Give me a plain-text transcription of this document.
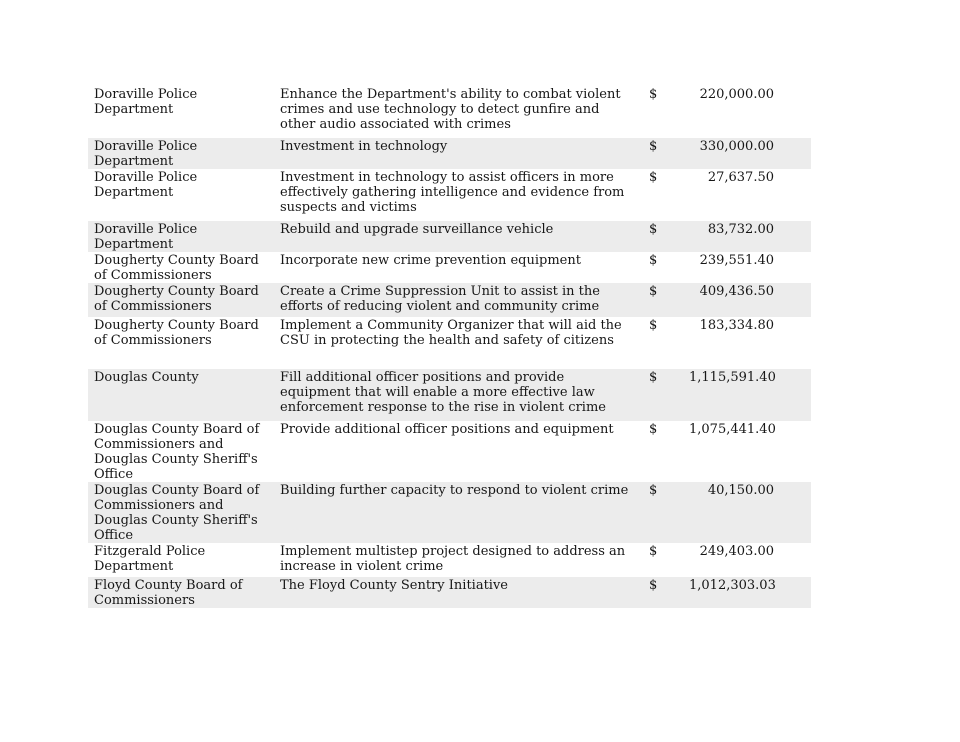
Doraville Police Department	Enhance the Department's ability to combat violent crimes and use technology to detect gunfire and other audio associated with crimes	$	220,000.00

Doraville Police Department	Investment in technology	$	330,000.00

Doraville Police Department	Investment in technology to assist officers in more effectively gathering intelligence and evidence from suspects and victims	$	27,637.50

Doraville Police Department	Rebuild and upgrade surveillance vehicle	$	83,732.00

Dougherty County Board of Commissioners	Incorporate new crime prevention equipment	$	239,551.40

Dougherty County Board of Commissioners	Create a Crime Suppression Unit to assist in the efforts of reducing violent and community crime	$	409,436.50

Dougherty County Board of Commissioners	Implement a Community Organizer that will aid the CSU in protecting the health and safety of citizens	$	183,334.80

Douglas County	Fill additional officer positions and provide equipment that will enable a more effective law enforcement response to the rise in violent crime	$	1,115,591.40

Douglas County Board of Commissioners and Douglas County Sheriff's Office	Provide additional officer positions and equipment	$	1,075,441.40

Douglas County Board of Commissioners and Douglas County Sheriff's Office	Building further capacity to respond to violent crime	$	40,150.00

Fitzgerald Police Department	Implement multistep project designed to address an increase in violent crime	$	249,403.00

Floyd County Board of Commissioners	The Floyd County Sentry Initiative	$	1,012,303.03
